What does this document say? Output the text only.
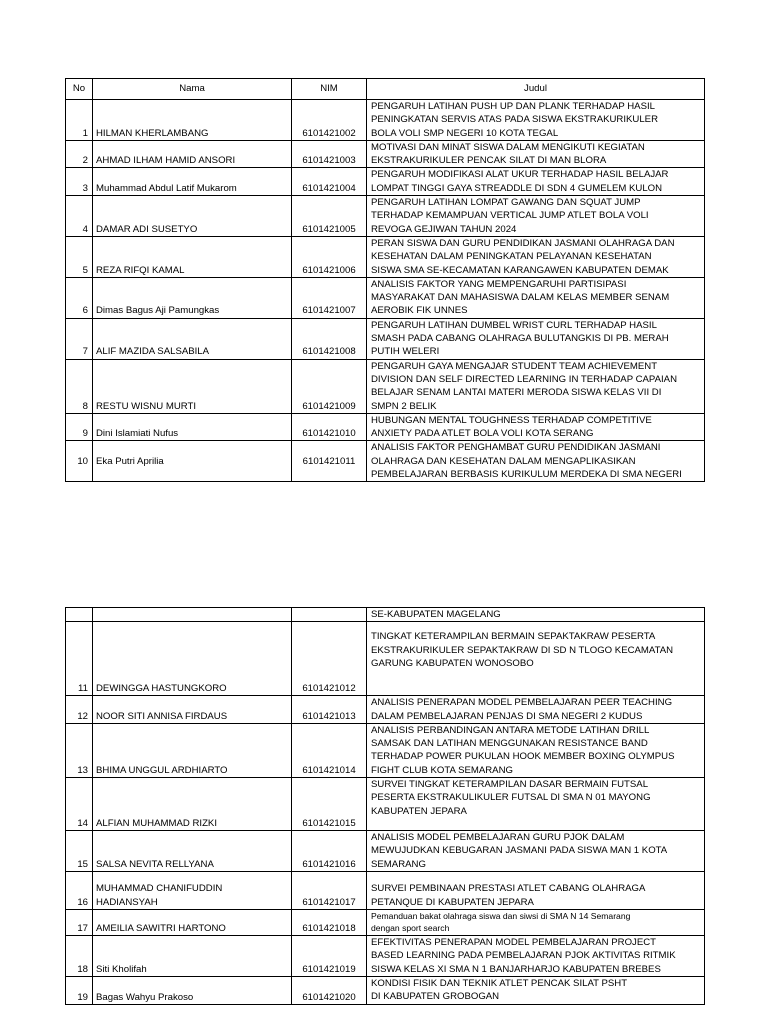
No	Nama	NIM	Judul
1	HILMAN KHERLAMBANG	6101421002	PENGARUH LATIHAN PUSH UP DAN PLANK TERHADAP HASIL
PENINGKATAN SERVIS ATAS PADA SISWA EKSTRAKURIKULER
BOLA VOLI SMP NEGERI 10 KOTA TEGAL
2	AHMAD ILHAM HAMID ANSORI	6101421003	MOTIVASI DAN MINAT SISWA DALAM MENGIKUTI KEGIATAN
EKSTRAKURIKULER PENCAK SILAT DI MAN BLORA
3	Muhammad Abdul Latif Mukarom	6101421004	PENGARUH MODIFIKASI ALAT UKUR TERHADAP HASIL BELAJAR
LOMPAT TINGGI GAYA STREADDLE DI SDN 4 GUMELEM KULON
4	DAMAR ADI SUSETYO	6101421005	PENGARUH LATIHAN LOMPAT GAWANG DAN SQUAT JUMP
TERHADAP KEMAMPUAN VERTICAL JUMP ATLET BOLA VOLI
REVOGA GEJIWAN TAHUN 2024
5	REZA RIFQI KAMAL	6101421006	PERAN SISWA DAN GURU PENDIDIKAN JASMANI OLAHRAGA DAN
KESEHATAN DALAM PENINGKATAN PELAYANAN KESEHATAN
SISWA SMA SE-KECAMATAN KARANGAWEN KABUPATEN DEMAK
6	Dimas Bagus Aji Pamungkas	6101421007	ANALISIS FAKTOR YANG MEMPENGARUHI PARTISIPASI
MASYARAKAT DAN MAHASISWA DALAM KELAS MEMBER SENAM
AEROBIK FIK UNNES
7	ALIF MAZIDA SALSABILA	6101421008	PENGARUH LATIHAN DUMBEL WRIST CURL TERHADAP HASIL
SMASH PADA CABANG OLAHRAGA BULUTANGKIS DI PB. MERAH
PUTIH WELERI
8	RESTU WISNU MURTI	6101421009	PENGARUH GAYA MENGAJAR STUDENT TEAM ACHIEVEMENT
DIVISION DAN SELF DIRECTED LEARNING IN TERHADAP CAPAIAN
BELAJAR SENAM LANTAI MATERI MERODA SISWA KELAS VII DI
SMPN 2 BELIK
9	Dini Islamiati Nufus	6101421010	HUBUNGAN MENTAL TOUGHNESS TERHADAP COMPETITIVE
ANXIETY PADA ATLET BOLA VOLI KOTA SERANG
10	Eka Putri Aprilia	6101421011	ANALISIS FAKTOR PENGHAMBAT GURU PENDIDIKAN JASMANI
OLAHRAGA DAN KESEHATAN DALAM MENGAPLIKASIKAN
PEMBELAJARAN BERBASIS KURIKULUM MERDEKA DI SMA NEGERI
			SE-KABUPATEN MAGELANG
11	DEWINGGA HASTUNGKORO	6101421012	TINGKAT KETERAMPILAN BERMAIN SEPAKTAKRAW PESERTA
EKSTRAKURIKULER SEPAKTAKRAW DI SD N TLOGO KECAMATAN
GARUNG KABUPATEN WONOSOBO
12	NOOR SITI ANNISA FIRDAUS	6101421013	ANALISIS PENERAPAN MODEL PEMBELAJARAN PEER TEACHING
DALAM PEMBELAJARAN PENJAS DI SMA NEGERI 2 KUDUS
13	BHIMA UNGGUL ARDHIARTO	6101421014	ANALISIS PERBANDINGAN ANTARA METODE LATIHAN DRILL
SAMSAK DAN LATIHAN MENGGUNAKAN RESISTANCE BAND
TERHADAP POWER PUKULAN HOOK MEMBER BOXING OLYMPUS
FIGHT CLUB KOTA SEMARANG
14	ALFIAN MUHAMMAD RIZKI	6101421015	SURVEI TINGKAT KETERAMPILAN DASAR BERMAIN FUTSAL
PESERTA EKSTRAKULIKULER FUTSAL DI SMA N 01 MAYONG
KABUPATEN JEPARA
15	SALSA NEVITA RELLYANA	6101421016	ANALISIS MODEL PEMBELAJARAN GURU PJOK DALAM
MEWUJUDKAN KEBUGARAN JASMANI PADA SISWA MAN 1 KOTA
SEMARANG
16	MUHAMMAD CHANIFUDDIN
HADIANSYAH	6101421017	SURVEI PEMBINAAN PRESTASI ATLET CABANG OLAHRAGA
PETANQUE DI KABUPATEN JEPARA
17	AMEILIA SAWITRI HARTONO	6101421018	Pemanduan bakat olahraga siswa dan siwsi di SMA N 14 Semarang
dengan sport search
18	Siti Kholifah	6101421019	EFEKTIVITAS PENERAPAN MODEL PEMBELAJARAN PROJECT
BASED LEARNING PADA PEMBELAJARAN PJOK AKTIVITAS RITMIK
SISWA KELAS XI SMA N 1 BANJARHARJO KABUPATEN BREBES
19	Bagas Wahyu Prakoso	6101421020	KONDISI FISIK DAN TEKNIK ATLET PENCAK SILAT PSHT
DI KABUPATEN GROBOGAN
